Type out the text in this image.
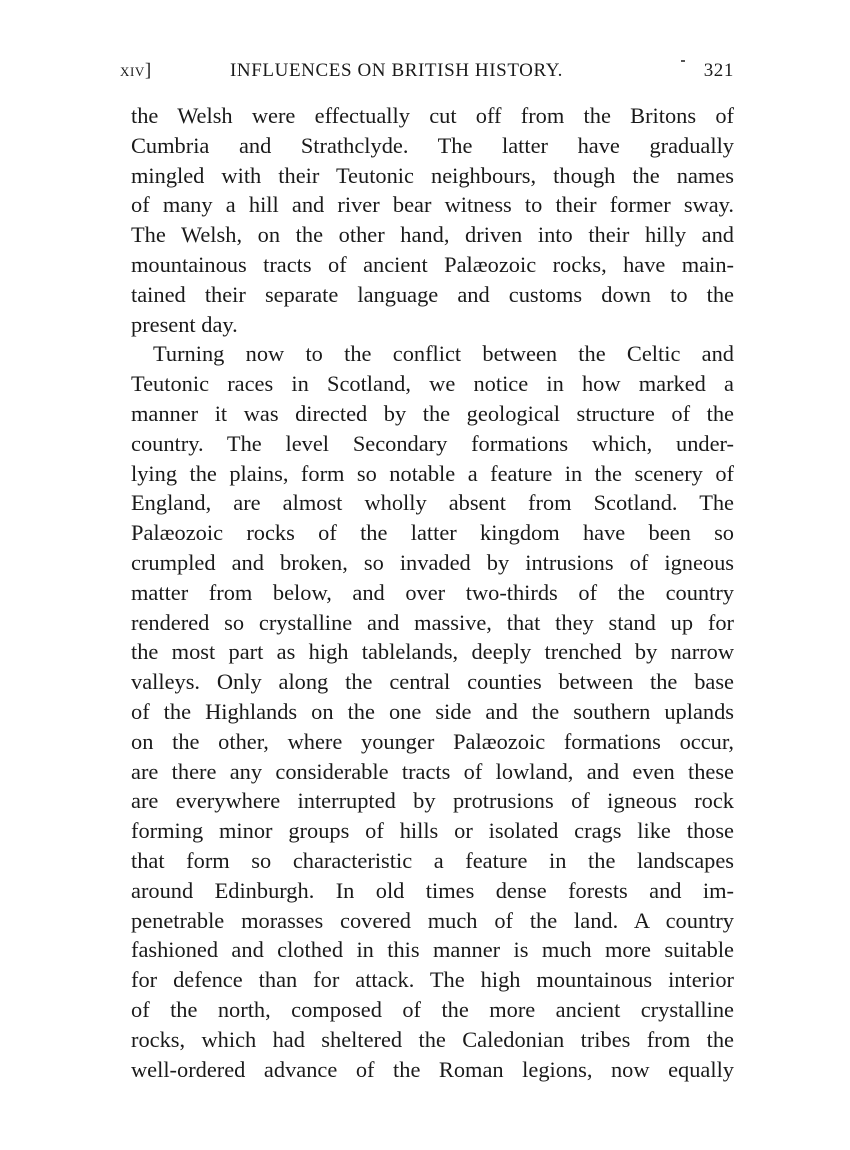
xiv]	INFLUENCES ON BRITISH HISTORY.	321
the Welsh were effectually cut off from the Britons of
Cumbria and Strathclyde. The latter have gradually
mingled with their Teutonic neighbours, though the names
of many a hill and river bear witness to their former sway.
The Welsh, on the other hand, driven into their hilly and
mountainous tracts of ancient Palæozoic rocks, have main-
tained their separate language and customs down to the
present day.
Turning now to the conflict between the Celtic and
Teutonic races in Scotland, we notice in how marked a
manner it was directed by the geological structure of the
country. The level Secondary formations which, under-
lying the plains, form so notable a feature in the scenery of
England, are almost wholly absent from Scotland. The
Palæozoic rocks of the latter kingdom have been so
crumpled and broken, so invaded by intrusions of igneous
matter from below, and over two-thirds of the country
rendered so crystalline and massive, that they stand up for
the most part as high tablelands, deeply trenched by narrow
valleys. Only along the central counties between the base
of the Highlands on the one side and the southern uplands
on the other, where younger Palæozoic formations occur,
are there any considerable tracts of lowland, and even these
are everywhere interrupted by protrusions of igneous rock
forming minor groups of hills or isolated crags like those
that form so characteristic a feature in the landscapes
around Edinburgh. In old times dense forests and im-
penetrable morasses covered much of the land. A country
fashioned and clothed in this manner is much more suitable
for defence than for attack. The high mountainous interior
of the north, composed of the more ancient crystalline
rocks, which had sheltered the Caledonian tribes from the
well-ordered advance of the Roman legions, now equally
